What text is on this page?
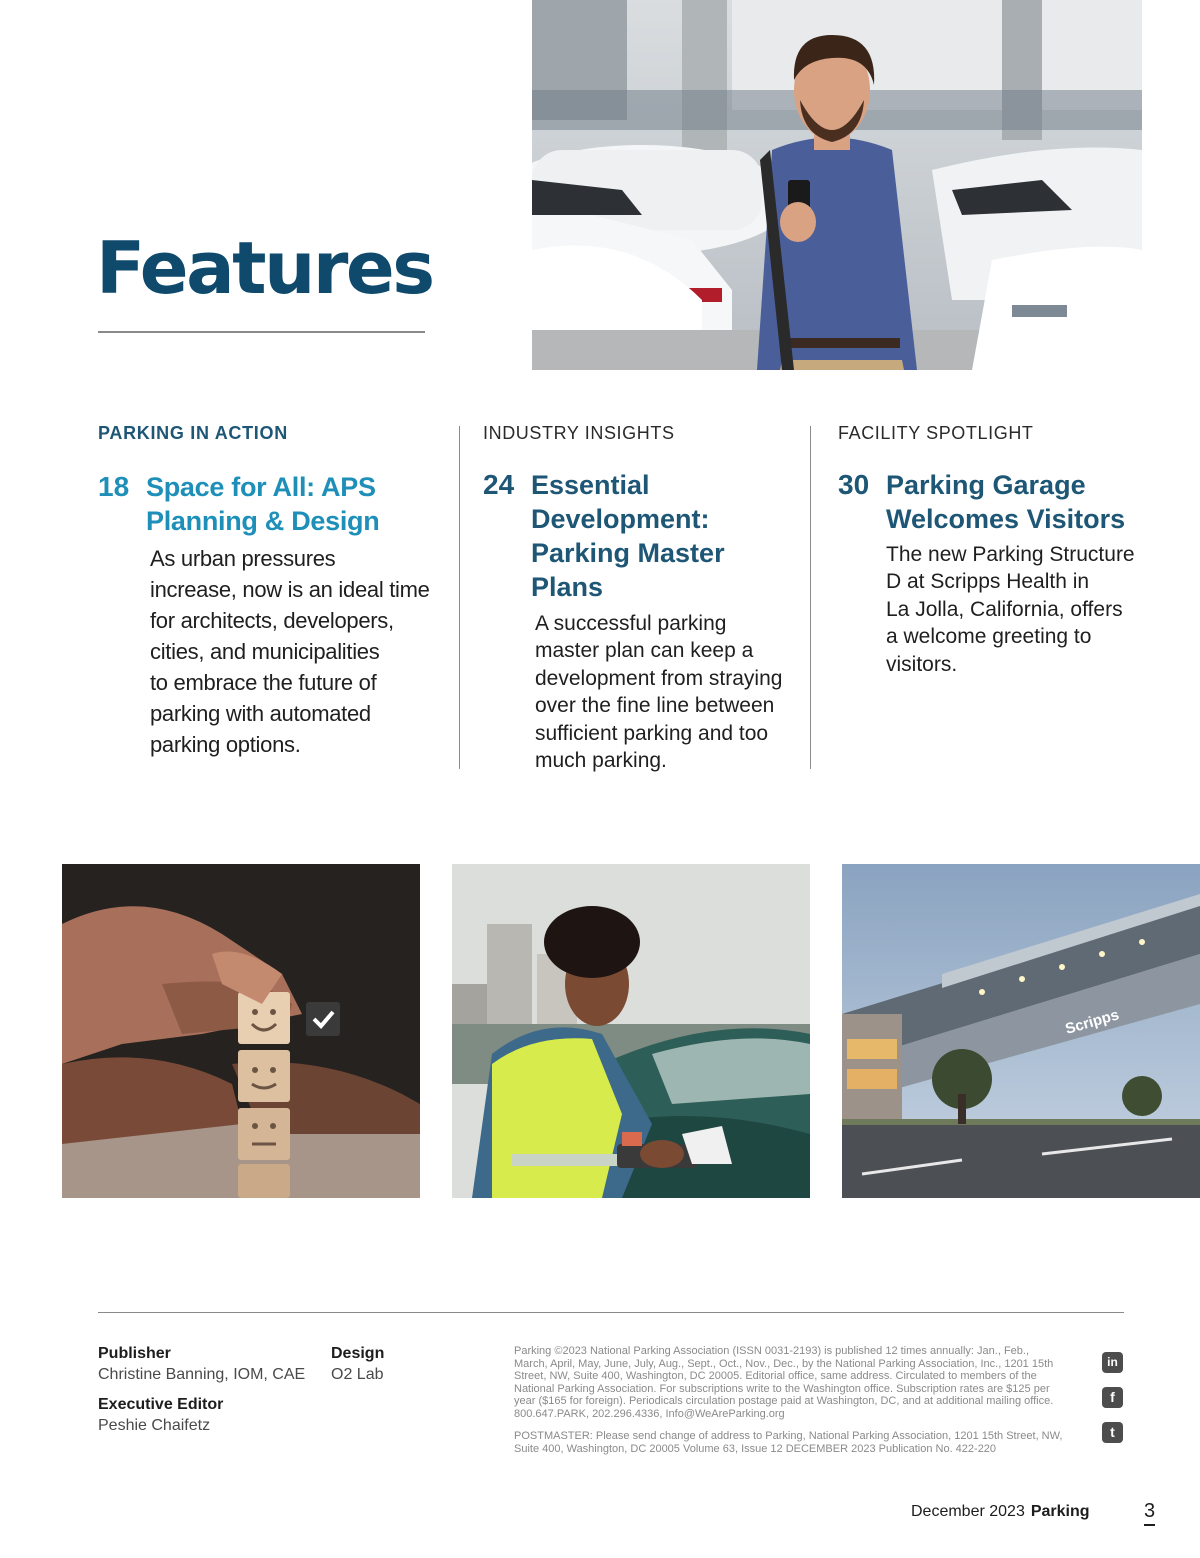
Features
PARKING IN ACTION
18 Space for All: APS
Planning & Design
As urban pressures
increase, now is an ideal time
for architects, developers,
cities, and municipalities
to embrace the future of
parking with automated
parking options.
INDUSTRY INSIGHTS
24 Essential
Development:
Parking Master
Plans
A successful parking
master plan can keep a
development from straying
over the fine line between
sufficient parking and too
much parking.
FACILITY SPOTLIGHT
30 Parking Garage
Welcomes Visitors
The new Parking Structure
D at Scripps Health in
La Jolla, California, offers
a welcome greeting to
visitors.
Scripps
Publisher
Christine Banning, IOM, CAE
Executive Editor
Peshie Chaifetz
Design
O2 Lab
Parking ©2023 National Parking Association (ISSN 0031-2193) is published 12 times annually: Jan., Feb.,
March, April, May, June, July, Aug., Sept., Oct., Nov., Dec., by the National Parking Association, Inc., 1201 15th
Street, NW, Suite 400, Washington, DC 20005. Editorial office, same address. Circulated to members of the
National Parking Association. For subscriptions write to the Washington office. Subscription rates are $125 per
year ($165 for foreign). Periodicals circulation postage paid at Washington, DC, and at additional mailing office.
800.647.PARK, 202.296.4336, Info@WeAreParking.org
POSTMASTER: Please send change of address to Parking, National Parking Association, 1201 15th Street, NW,
Suite 400, Washington, DC 20005 Volume 63, Issue 12 DECEMBER 2023 Publication No. 422-220
in
f
t
December 2023 Parking	3
